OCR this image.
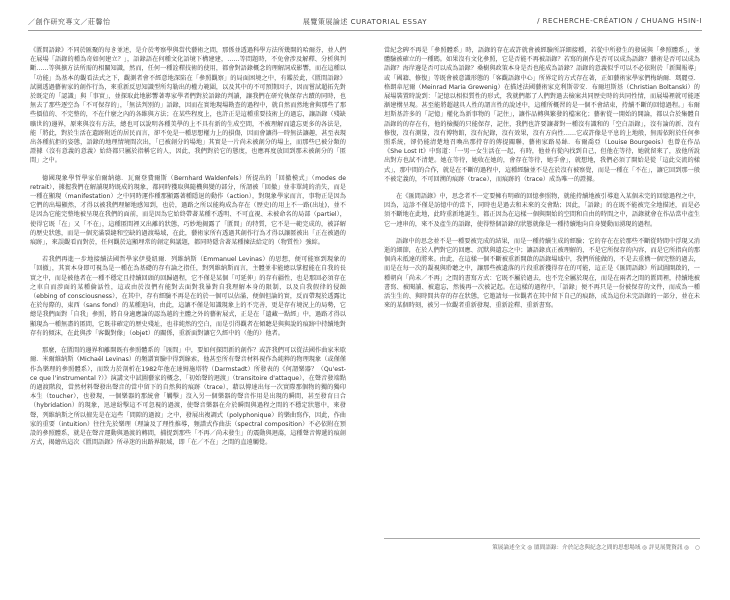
／創作研究專文／莊馨怡	展覽策展論述 CURATORIAL ESSAY	/ RECHERCHE-CRÉATION / CHUANG HSIN-I

《匱間語錄》不同於匯聚的每き並述，是介於考察學與當代藝術之間，那係並透過科學方法所幾開的哈爾芬，並人們在展場「語錄的種為奇如何建立？」，語錄語在何種文化語境下構建建，……等問題時，不免會涉及解釋、分析與判斷……等與擴方法所需的相關知識，然而，任何一種詮釋技術的使用，都會對語錄概念的理解詞成影響，而在這種以「功能」為基本的觀看法式之下，觀測者會不經意地深陷在「參照觀察」的局面困境之中，有鑑於此，《匱間語錄》試圖透過藝術家的創作行為，來重新反思知識型所勾勒出的權力範圍，以及其中的不可預期因子，因而嘗試超拓先對於既定的「認識」與「事實」，並探取此地影響著專家學者們對於語錄的判讀，讓我們在研究執保存古蹟的同時，也無去了那些逐空為「不可保存的」，「無法判別的」語錄，因而在實地現場勘查的過程中，就自然而然地會與那些了那些價值的、不完整的，不在什麼之內的各維與方法；在某些程度上，也許正是這種重要技術上的過忘，讓語錄（殘缺曠世的)邊界，原來與沒有方法，總也可以說明各種美學的上不具有新的生成空間，不被理解而遺忘更多的各法是，能「將此，對於生活在遺跡附近的居民而言，卻不免是一種思想權力上的損傷，因而會讓得一時無法讓趣，甚至表現出各種抗拒的姿態，語錄的地理情境間次出，「已被創分的場地」其實是一片尚未被創分的場上，而那些已被分類的證據（沒有意義的意義）始終都只屬於指稱它的人，因此，我們對於它的態度，也應再度放回到那未被創分的「匿間」之中。

德國現象學哲學家伯爾納德．瓦爾登費爾斯（Bernhard Waldenfels）所提出的「回撤模式」（modes de retrait），據握我們在解讀現時既成的現象，都同時獲取與隨機與變的部分，所謂被「回撤」並非單純的消失，而是一種在顯現（manifestation）之中同時運作種那顯露著種隱退的動作（action），對現象學家而言，事物正是因為它們的出場顯然，才得以被我們理解地感知到，也於，過路之所以能夠成為存在（歷史)的用上不一路(出址)，並不是因為它能完整地被呈現在我們的面前，而是因為它始終帶著某種不透明、不可直視、未被命名的局部（partiel），使得它既「在」又「不在」，這種匿間裡又出離的狀態，巧妙地揭露了「匱間」的特質，它不是一範完成的，被詳解的歷史狀態，而是一個充滿裂縫和空缺的過渡場域，在此，藝術家所有透過其創作行為才得以讓匿被出「正在被過的痕跡」，來誤觀看而對於，任何觀於這顯埋常的創定與議題，都同時隱含著某種揀法給定的（物質性）強綜。

若我們再進一步地接續法國哲學家伊曼紐爾．列維納斯（Emmanuel Levinas）的思想，便可能察到現象的「回撤」，其實本身即可視為是一種在為基礎的存有論之指任，對列維納斯而言，主體並非能總以掌握能在自我的長實之中，而是被他者在一種不穩定且持續回頭的回歸過程，它不僅是某個「可延伸」的存有疆性，也是那回必須存在之車自而涉面的某種倫話性，這或由於沒們有能對去面對我暴對自我理解本身的限制，以及自我假律的侵蝕（ebbing of consciousness），在其中，存有經驗不再是在的於一個可以佔滿，便個但論的實，反而帶現於透露比在於每際的，東西（sans fond）的某種迎向，由此，這讓不僅是知識現象上的不完善，更是存有境況上的局勢，它總是我們面對「自我」參照，將自身適應論的認為越的主體之外的藝術展式，正是在「遺藏一點經」中，過路才得以顯現為一種無盡的匿間，它既非確定的歷史殘址，也非純然的空白，而是引得觀者在傾聽是與與說的痕跡中持續地對存有的傾沫，在此與涉「客觀對像」（objet）的關係，重新面對讓它久經中的（他的）他者。

那麼，在匱間的邊界和離開既有參照體系的「匯間」中，要如何探問新的創作？或許我們可以從法國作曲家米歇爾．米爾維納斯（Michaël Levinas）的頻譜實驗中得到線索，他甚至所有聲音材料視作為純粹的物理現象（或僅僅作為樂理的參照體系），而致力於剖析在1982年他在達姆施塔特（Darmstadt）所發表的《何謂樂器？（Qu'est-ce que l'instrumental ?）》演講文中試圖藝家的概念，「初始聲的迴渡」（transitoire d'attaque），在聲音發端點的過渡階段，當然材料聲發出聲音的當中留下的自然與的痕跡（trace），藉以傳達出每一次實際那個物的獨的獨印本生（toucher），也發現，一個樂器的那統會「觸擊」沒入另一個樂器的聲音作用是出現的瞬間，甚至發育日合（hybridation）的現象，迅速紛擊這不可忽視的過渡，使聲音樂器在介於瞬間與過程之間的不穩定狀態中，來發聲，列維納斯之所以擅先是在這些「間隙的過渡」之中，發展出複調式（polyphonique）的樂曲寫作，因此，作曲家的重要（intuition）往往先於樂理（理論及了理性推導，頻譜式作曲法（spectral composition）不必依附在預設的參照體系，就是在聲音運動與過渡的轉間，捕捉到那些「不再／尚未發生」的震動與迴蕩，這種聲音傳遞的痕創方式，揭繪出這次《匱間語錄》所尋迷的出路界限域，即「在／不在」之間的直遠觸覺。

當紀念碑不再是「參照體系」時，語錄的存在或許就會被經驗所詳細接種，若從中所發生的發展與「參照體系」，並體驗被確立的一種碼。如果沒有文化參照，它是否能不再被語錄？若寫的創作是否可以成為語錄？藝術是否可以成為語錄？海岸邊是否可以成為語錄？桑樹與政策本身是否也能成為語錄？語錄的意義似乎可以不必依附於「新聞報導」或「國籍、修復」等既會被意識形態的「客觀語錄中心」所界定的方式存在著，正如藝術家學家們梅納爾．瑪麗亞．格朗韋尼爾（Meinrad Maria Grewenig）在描述法國藝術家克利斯蒂安．布爾坦斯基（Christian Boltanski）的展場裝置時說到：「記憶以相似質性的形式，我就們都了人們對過去檢案共同歷史時的共同性情，而展場裡就可能逐漸建構呈現。甚至能將超越具人性的謂言性的說述中，這種所概習的是一個不會結束，持續不斷的回憶過程。」布爾坦斯基許多的「記憶」權化為新事物的「記住」，讓作品轉與繁發的檔案化；藝術從一開始的開論，都以合於集體自語錄的的存在有，他的檢擬的只能保存，記住，我們也許要讓著對一種沒有識和的「空白語錄」，沒有論的新、沒有修復，沒有測量，沒有博物館，沒有紀錄，沒有效果，沒有方向性……它或許像是平息的上地般，無需依附於任何參照系統，卻仍能清楚地召喚出那持存的傳提關聯，藝術家路易絲．布爾喬亞（Louise Bourgeois）也曾在作品《She Lost It》中寫道：「一男一女生活在一起，有時，他並有從內找到自己，但他在等待，她就留來了，放他所說出對方也試不清楚。她在等待，她收在她的，會存在等待，她手會」，就想地，我們必須了開始是從「這此交流的樣式」，那中間的合作，就是在不斷的過程中，這種經驗並不是在於沒有被察覺，而是一種在「不在」，讓它回到那一般不被定義的，不可回溯的痕跡（trace），而痕跡的（trace）成為唯一的證據。

在《匯間語錄》中，思念者不一定要擁有明確的回憶參照物，就能持續地被引導進入某個未完的回憶過程之中，因為，這診不僅是訪憶中的當下，同時也是過去和未來的交會點；因此，「語錄」的在既不能被完全地描述，而是必須不斷地在此地，此時重新地誕生，都正因為在這樣一個與開始的空間和自由的時間之中，語錄就會在作品當中產生它一連串的，來不及產生的語錄，使得整個語錄的狀態就像是一種持續地向自身變動而湧現的過程。

語錄中的思念並不是一種要被完成的結果，而是一種持續生成的經驗；它的存在在於那些不斷從時間中浮現又消逝的細節，在於人們對它的回應、沉默與遺忘之中；讓語錄真正被理解的，不是它所保存的內容，而是它所指向的那個尚未抵達的將來。由此，在這樣一個不斷被重新開啟的語錄場域中，我們所能做的，不是去重構一個完整的過去，而是在每一次的凝視與聆聽之中，讓那些被遺落的片段重新獲得存在的可能，這正是《匯間語錄》所試圖開啟的，一種朝向「尚未／不再」之間的書寫方式：它既不屬於過去，也不完全屬於現在，而是在兩者之間的匱間裡，持續地被書寫、被閱讀、被遺忘，然後再一次被記起。在這樣的過程中，「語錄」便不再只是一份被保存的文件，而成為一種活生生的、與時間共存的存在狀態，它邀請每一位觀者在其中留下自己的痕跡，成為這份未完語錄的一部分，並在未來的某個時刻，被另一位觀者重新發現、重新詮釋、重新書寫。

策展論述全文 ◎ 匱間語錄：介於記念與紀念之間的思想場域 ◎ 評見展覽資訊 ◎ ○
